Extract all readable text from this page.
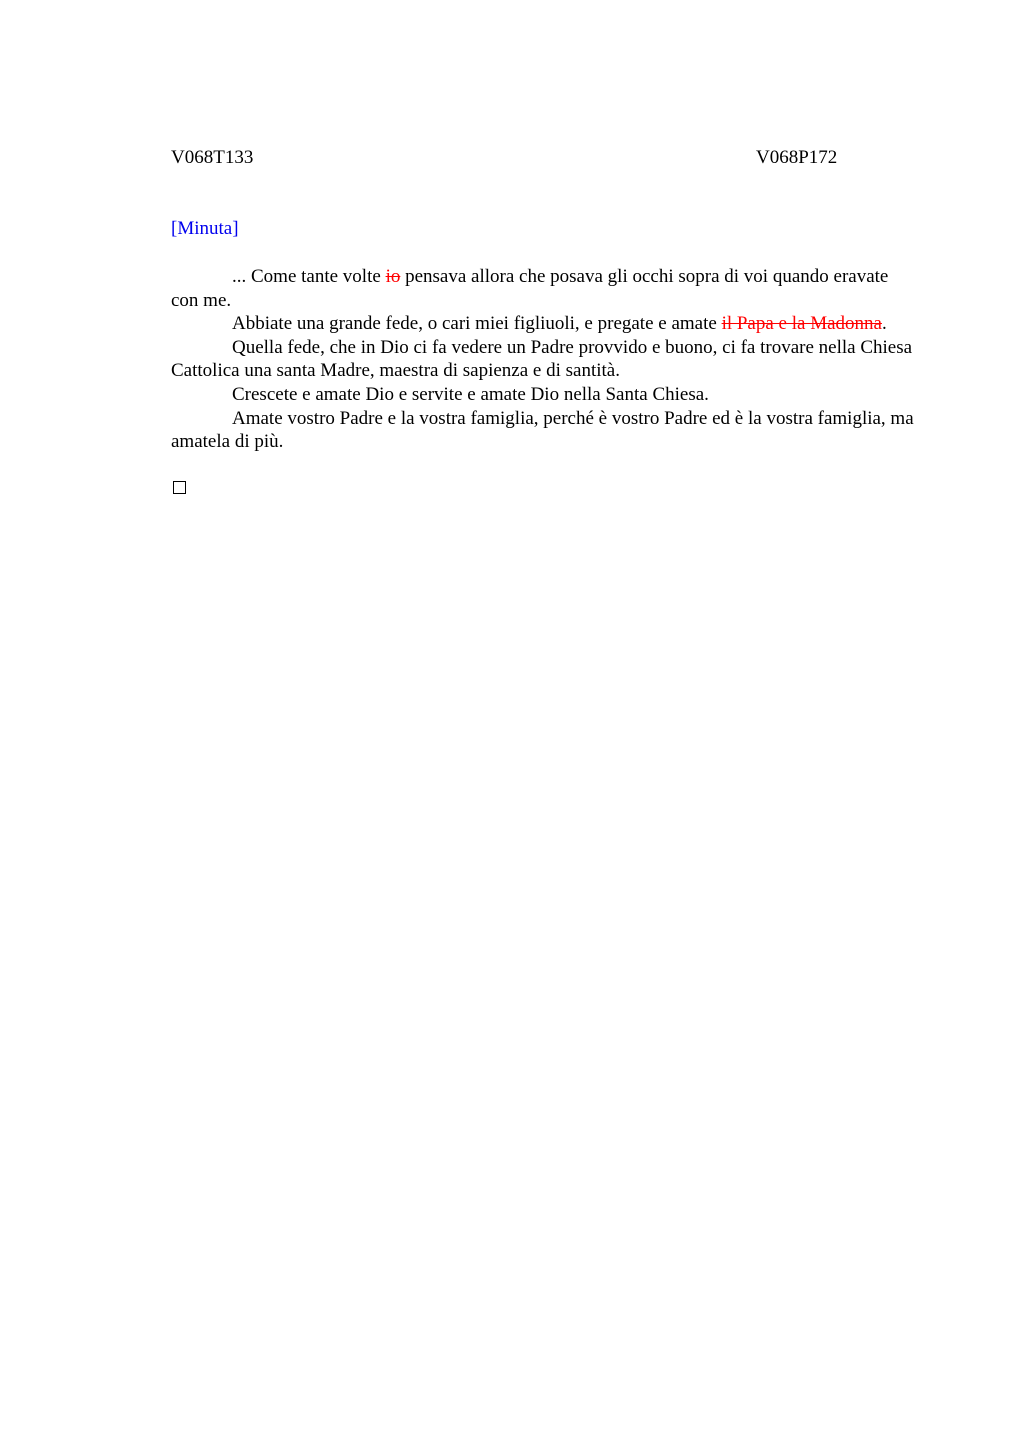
V068T133	V068P172
[Minuta]

... Come tante volte io pensava allora che posava gli occhi sopra di voi quando eravate con me.

Abbiate una grande fede, o cari miei figliuoli, e pregate e amate il Papa e la Madonna.

Quella fede, che in Dio ci fa vedere un Padre provvido e buono, ci fa trovare nella Chiesa Cattolica una santa Madre, maestra di sapienza e di santità.

Crescete e amate Dio e servite e amate Dio nella Santa Chiesa.

Amate vostro Padre e la vostra famiglia, perché è vostro Padre ed è la vostra famiglia, ma amatela di più.
